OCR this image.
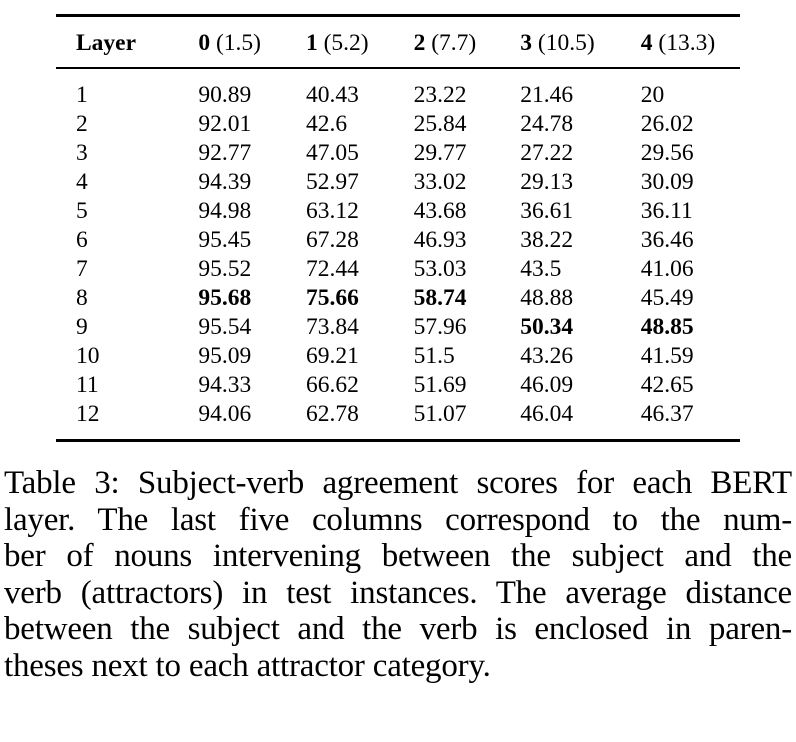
Layer	0 (1.5)	1 (5.2)	2 (7.7)	3 (10.5)	4 (13.3)
1	90.89	40.43	23.22	21.46	20
2	92.01	42.6	25.84	24.78	26.02
3	92.77	47.05	29.77	27.22	29.56
4	94.39	52.97	33.02	29.13	30.09
5	94.98	63.12	43.68	36.61	36.11
6	95.45	67.28	46.93	38.22	36.46
7	95.52	72.44	53.03	43.5	41.06
8	95.68	75.66	58.74	48.88	45.49
9	95.54	73.84	57.96	50.34	48.85
10	95.09	69.21	51.5	43.26	41.59
11	94.33	66.62	51.69	46.09	42.65
12	94.06	62.78	51.07	46.04	46.37
Table 3: Subject-verb agreement scores for each BERT
layer. The last five columns correspond to the num-
ber of nouns intervening between the subject and the
verb (attractors) in test instances. The average distance
between the subject and the verb is enclosed in paren-
theses next to each attractor category.
